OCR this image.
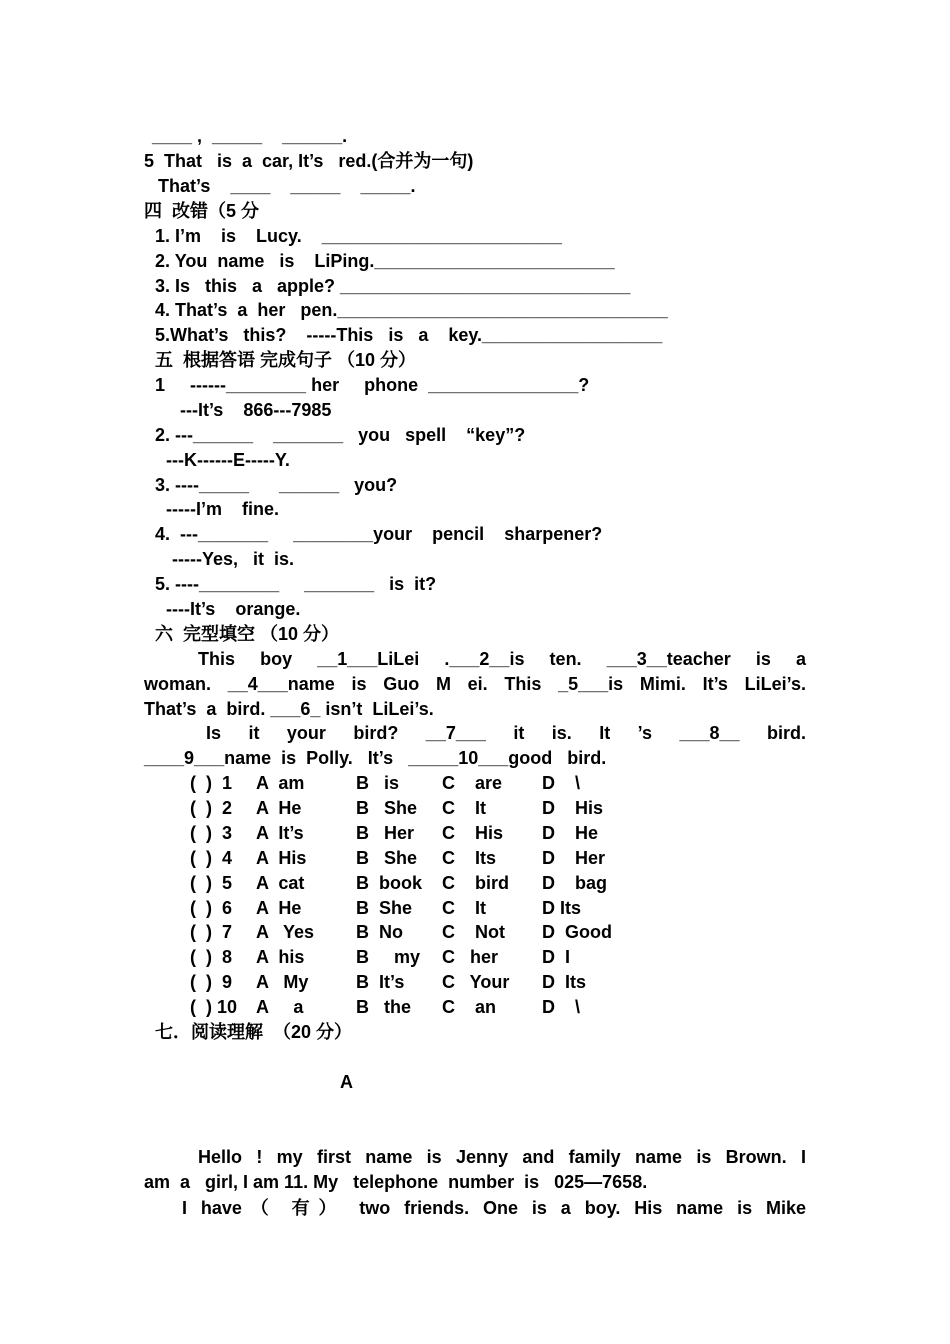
____ ,  _____    ______.
5  That   is  a  car, It’s   red.(合并为一句)
That’s    ____    _____    _____.
四  改错（5 分
1. I’m    is    Lucy.    ________________________
2. You  name   is    LiPing.________________________
3. Is   this   a   apple? _____________________________
4. That’s  a  her   pen._________________________________
5.What’s   this?    -----This   is   a    key.__________________
五  根据答语 完成句子 （10 分）
1     ------________ her     phone  _______________?
---It’s    866---7985
2. ---______    _______   you   spell    “key”?
---K------E-----Y.
3. ----_____      ______   you?
-----I’m    fine.
4.  ---_______     ________your    pencil    sharpener?
-----Yes,   it  is.
5. ----________     _______   is  it?
----It’s    orange.
六  完型填空 （10 分）
This boy __1___LiLei .___2__is ten. ___3__teacher is a
woman. __4___name is Guo M ei. This _5___is Mimi. It’s LiLei’s.
That’s  a  bird. ___6_ isn’t  LiLei’s.
Is it your bird? __7___ it is. It ’s ___8__ bird.
____9___name  is  Polly.   It’s   _____10___good   bird.
(  )  1 A  am	B   is C    are D    \
(  )  2 A  He	B   She C    It	D    His
(  )  3 A  It’s	B   Her C    His D    He
(  )  4 A  His	B   She C    Its	D    Her
(  )  5 A  cat	B  book C    bird D    bag
(  )  6 A  He	B  She C    It	D Its
(  )  7 A   Yes B  No C    Not D  Good
(  )  8 A  his	B     my C   her D  I
(  )  9 A   My	B  It’s C   Your D  Its
(  ) 10 A     a	B   the C    an	D    \
七．阅读理解  （20 分）
A
Hello ! my first name is Jenny and family name is Brown. I
am  a   girl, I am 11. My   telephone  number  is   025—7658.
I have（ 有） two friends. One is a boy. His name is Mike
